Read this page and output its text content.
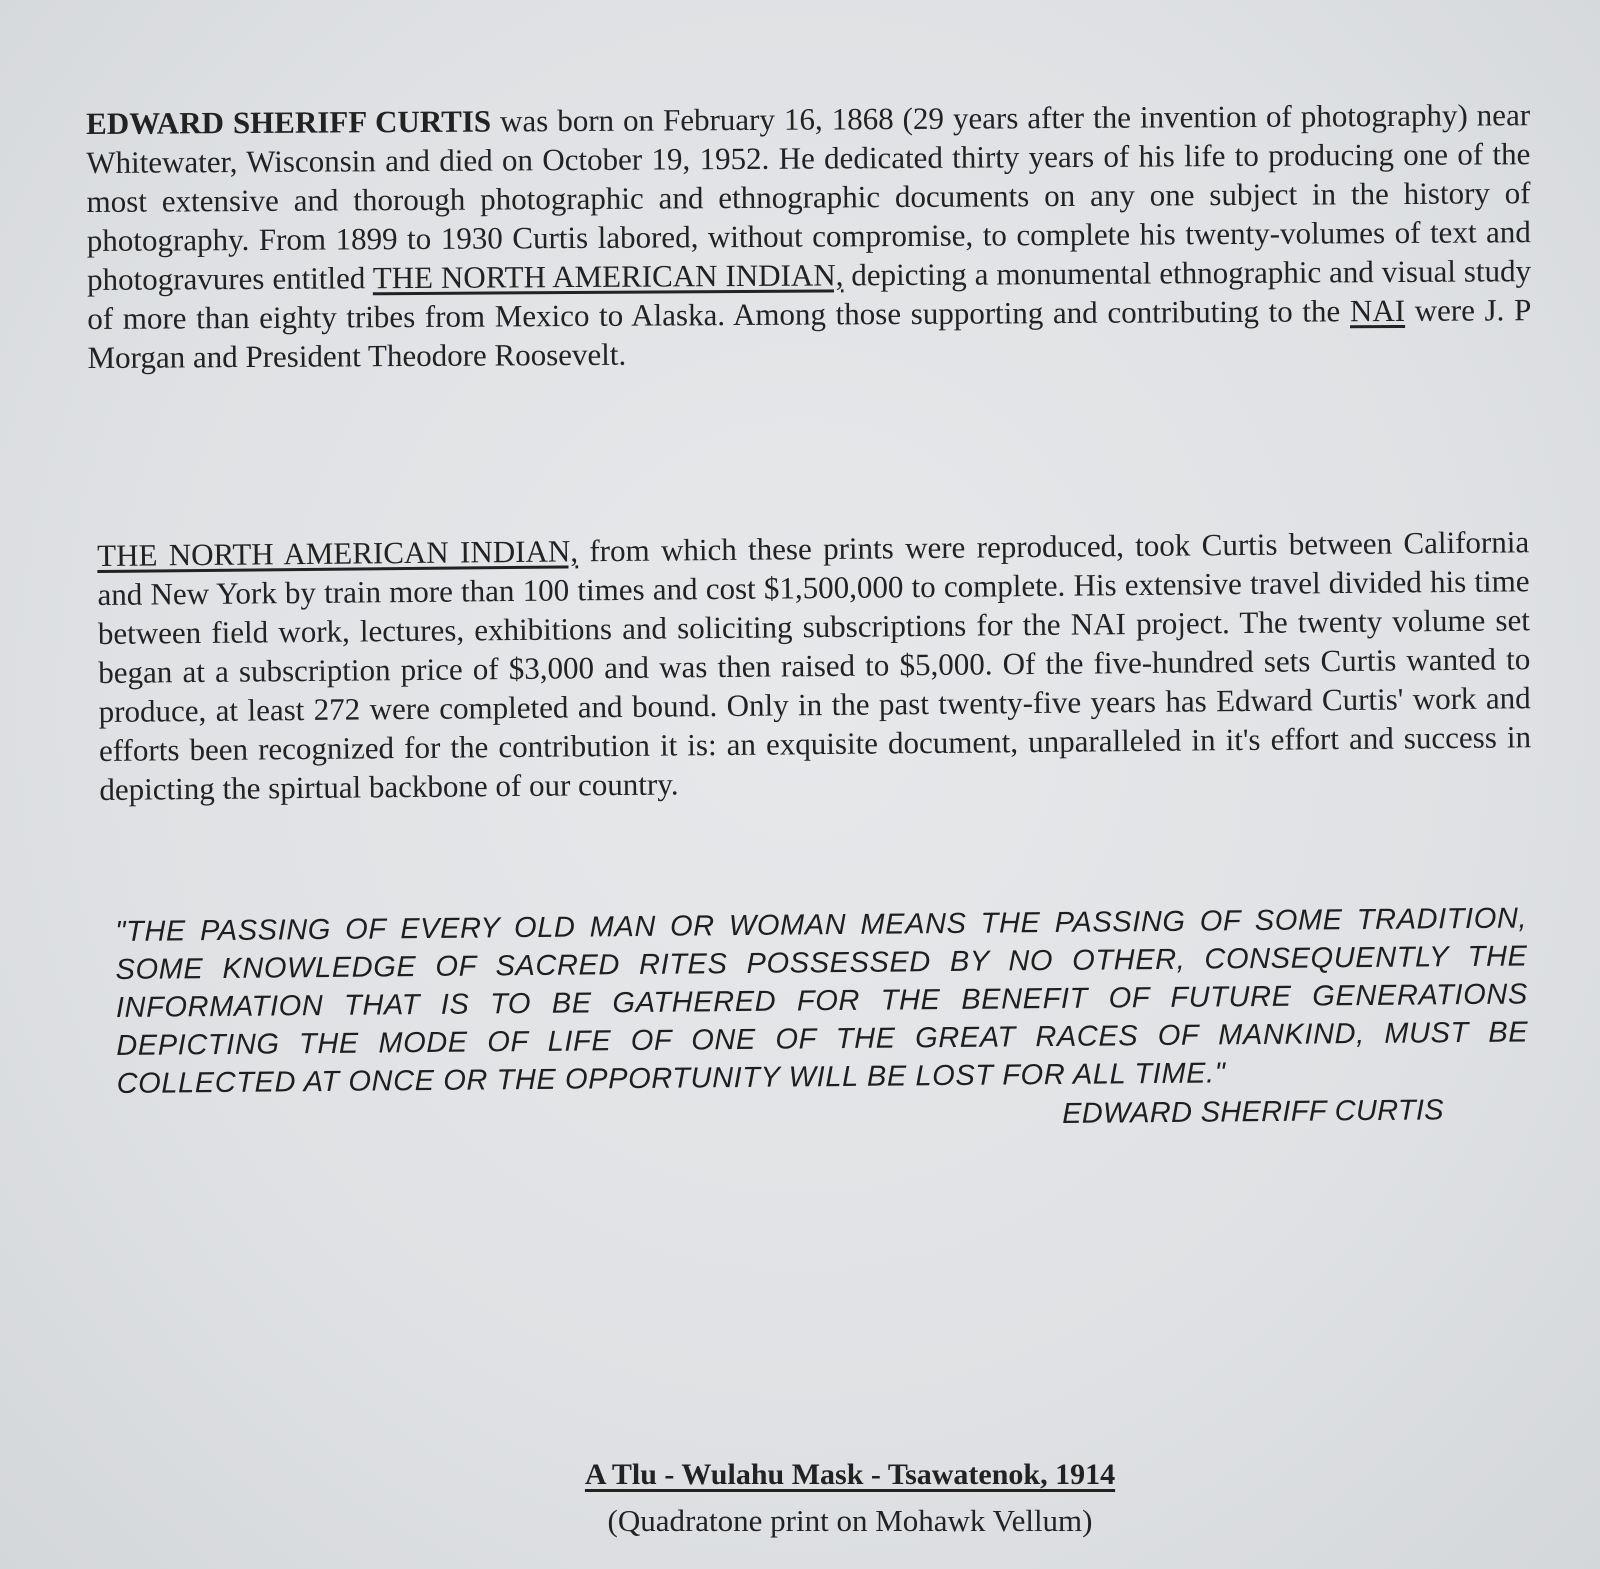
EDWARD SHERIFF CURTIS was born on February 16, 1868 (29 years after the invention of photography) near Whitewater, Wisconsin and died on October 19, 1952. He dedicated thirty years of his life to producing one of the most extensive and thorough photographic and ethnographic documents on any one subject in the history of photography. From 1899 to 1930 Curtis labored, without compromise, to complete his twenty-volumes of text and photogravures entitled THE NORTH AMERICAN INDIAN, depicting a monumental ethnographic and visual study of more than eighty tribes from Mexico to Alaska. Among those supporting and contributing to the NAI were J. P Morgan and President Theodore Roosevelt.

THE NORTH AMERICAN INDIAN, from which these prints were reproduced, took Curtis between California and New York by train more than 100 times and cost $1,500,000 to complete. His extensive travel divided his time between field work, lectures, exhibitions and soliciting subscriptions for the NAI project. The twenty volume set began at a subscription price of $3,000 and was then raised to $5,000. Of the five-hundred sets Curtis wanted to produce, at least 272 were completed and bound. Only in the past twenty-five years has Edward Curtis' work and efforts been recognized for the contribution it is: an exquisite document, unparalleled in it's effort and success in depicting the spirtual backbone of our country.

"THE PASSING OF EVERY OLD MAN OR WOMAN MEANS THE PASSING OF SOME TRADITION, SOME KNOWLEDGE OF SACRED RITES POSSESSED BY NO OTHER, CONSEQUENTLY THE INFORMATION THAT IS TO BE GATHERED FOR THE BENEFIT OF FUTURE GENERATIONS DEPICTING THE MODE OF LIFE OF ONE OF THE GREAT RACES OF MANKIND, MUST BE COLLECTED AT ONCE OR THE OPPORTUNITY WILL BE LOST FOR ALL TIME."

EDWARD SHERIFF CURTIS
A Tlu - Wulahu Mask - Tsawatenok, 1914
(Quadratone print on Mohawk Vellum)
